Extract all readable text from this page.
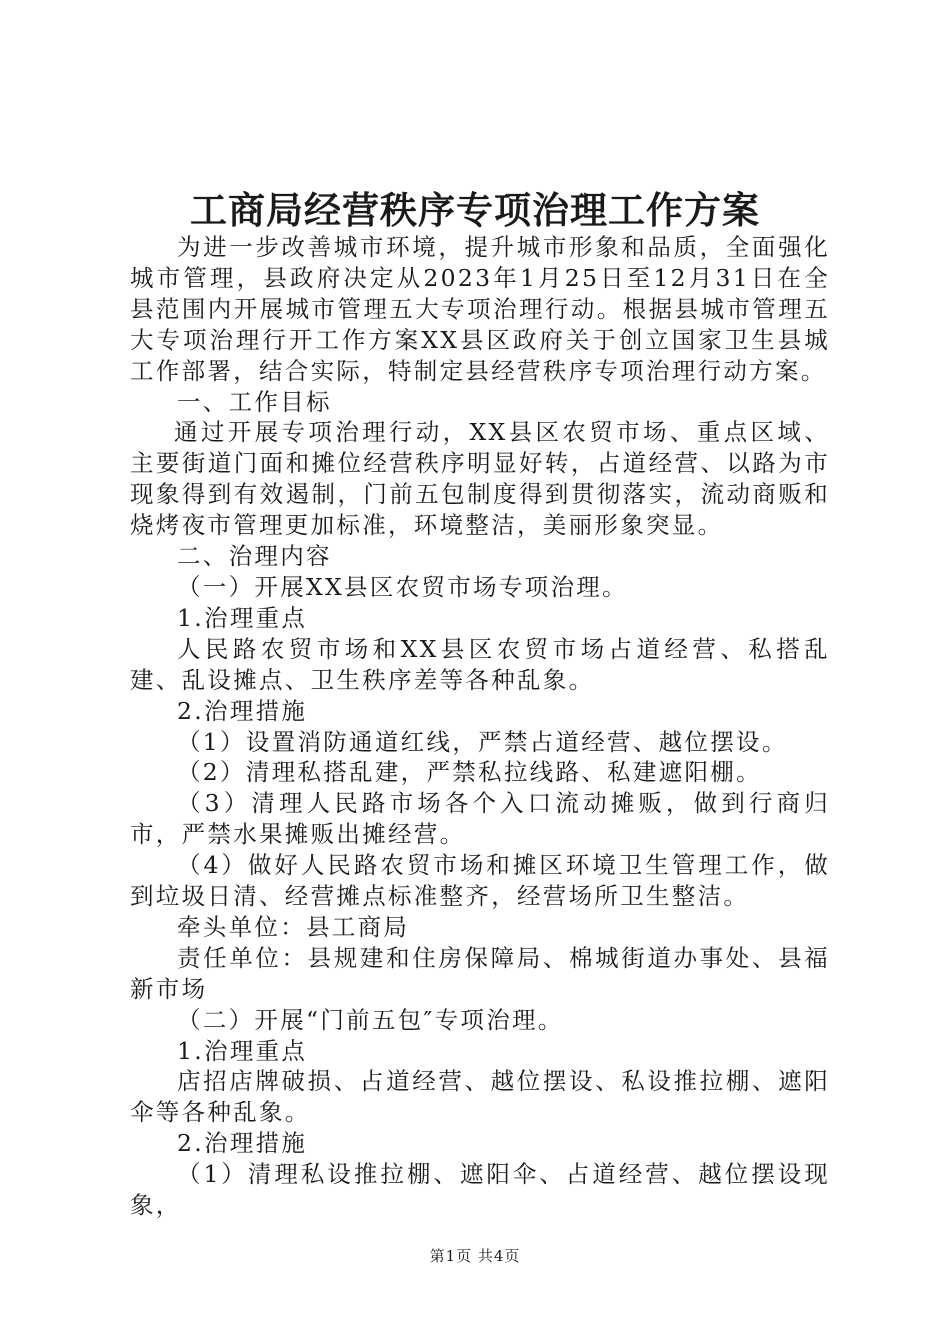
工商局经营秩序专项治理工作方案

为进一步改善城市环境，提升城市形象和品质，全面强化城市管理，县政府决定从2023年1月25日至12月31日在全县范围内开展城市管理五大专项治理行动。根据县城市管理五大专项治理行开工作方案XX县区政府关于创立国家卫生县城工作部署，结合实际，特制定县经营秩序专项治理行动方案。

一、工作目标

通过开展专项治理行动，XX县区农贸市场、重点区域、主要街道门面和摊位经营秩序明显好转，占道经营、以路为市现象得到有效遏制，门前五包制度得到贯彻落实，流动商贩和烧烤夜市管理更加标准，环境整洁，美丽形象突显。

二、治理内容

（一）开展XX县区农贸市场专项治理。

1.治理重点

人民路农贸市场和XX县区农贸市场占道经营、私搭乱建、乱设摊点、卫生秩序差等各种乱象。

2.治理措施

（1）设置消防通道红线，严禁占道经营、越位摆设。

（2）清理私搭乱建，严禁私拉线路、私建遮阳棚。

（3）清理人民路市场各个入口流动摊贩，做到行商归市，严禁水果摊贩出摊经营。

（4）做好人民路农贸市场和摊区环境卫生管理工作，做到垃圾日清、经营摊点标准整齐，经营场所卫生整洁。

牵头单位：县工商局

责任单位：县规建和住房保障局、棉城街道办事处、县福新市场

（二）开展“门前五包″专项治理。

1.治理重点

店招店牌破损、占道经营、越位摆设、私设推拉棚、遮阳伞等各种乱象。

2.治理措施

（1）清理私设推拉棚、遮阳伞、占道经营、越位摆设现象，

第1页 共4页
